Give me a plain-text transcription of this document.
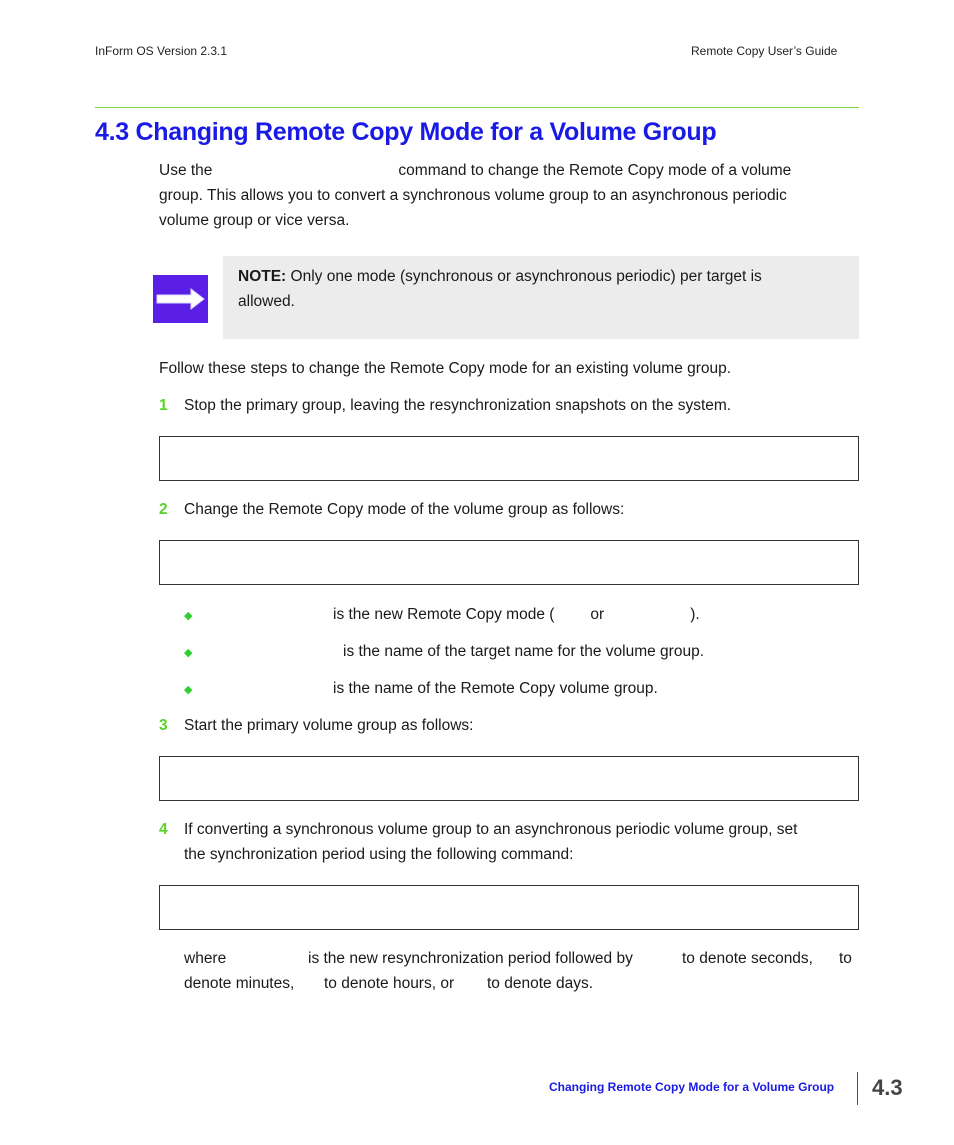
InForm OS Version 2.3.1	Remote Copy User’s Guide
4.3 Changing Remote Copy Mode for a Volume Group
Use the	command to change the Remote Copy mode of a volume
group. This allows you to convert a synchronous volume group to an asynchronous periodic
volume group or vice versa.
NOTE: Only one mode (synchronous or asynchronous periodic) per target is
allowed.
Follow these steps to change the Remote Copy mode for an existing volume group.
1 Stop the primary group, leaving the resynchronization snapshots on the system.
2 Change the Remote Copy mode of the volume group as follows:
◆	is the new Remote Copy mode ( or	).
◆	is the name of the target name for the volume group.
◆	is the name of the Remote Copy volume group.
3 Start the primary volume group as follows:
4 If converting a synchronous volume group to an asynchronous periodic volume group, set
the synchronization period using the following command:
where	is the new resynchronization period followed by	to denote seconds, to
denote minutes, to denote hours, or to denote days.
Changing Remote Copy Mode for a Volume Group 4.3
